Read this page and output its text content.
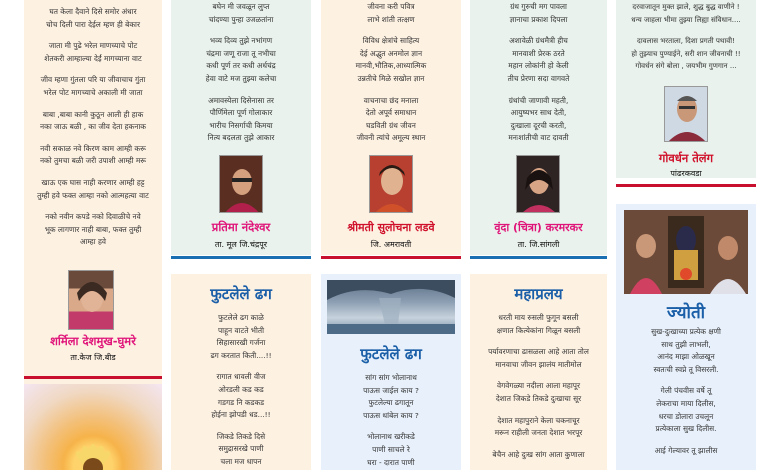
घत केला दैवाने दिसे समोर अंधार

चोच दिली पारा देईल म्हण ही बेकार

जाता मी पुढे भरेल माणच्याचे पोट

शेतकरी आम्हाल्या देईं मागच्याना वाट

जीव म्हणा गुंतला परि या जीवाचाच गुंता

भरेल पोट मागच्याचे अकाली मी जाता

बाबा ,बाबा कानी कुठून आली ही हाक

नका जाऊ बळी , का जीव देता हकनाक

नवी सकाळ नवे किरण काम आम्ही करू

नको तुमचा बळी जरी उपाशी आम्ही मरू

खाऊ एक घास नाही करणार आम्ही हट्ट

तुम्ही हवे फक्त आम्हा नको आत्महत्या वाट

नको नवीन कपडे नको दिवाळीचे नवे

भूक लागणार नाही बाबा, फक्त तुम्ही

आम्हा हवे

शर्मिला देशमुख-घुमरे
ता.केज जि.बीड

बघेन मी जवळून लुप्त

चांदण्या पुन्हा उजळतांना

भव्य दिव्य तुझे नभांगण

चंद्रमा जणू राजा तू नभीचा

कधी पूर्ण तर कधी अर्धचंद्र

हेवा वाटे मज तुझ्या कलेचा

अमावस्येला दिसेनासा तर

पौर्णिमेला पूर्ण गोलाकार

भारीच निसर्गाची किमया

नित्य बदलता तुझे आकार

प्रतिमा नंदेश्वर
ता. मूल जि.चंद्रपूर
फुटलेले ढग

फुटलेले ढग काळे

पाहून वाटते भीती

सिहासारखी गर्जना

ढग करतात किती....!!

रागात धावली वीज

ओरडली कड कड

गडगड नि कडकड

होईना झोपडी धड...!!

जिकडे तिकडे दिसे

समुद्रासरखे पाणी

चला मज धापन

जीवना करी पवित्र

लाभे शांती तत्क्षण

विविध क्षेत्रांचे साहित्य

देई अद्भुत अनमोल ज्ञान

मानवी,भौतिक,आध्यात्मिक

उन्नतीचे मिळे सखोल ज्ञान

वाचनाचा छंद मनाला

देतो अपूर्व समाधान

घडविती ग्रंथ जीवन

जीवनी त्यांचे अमूल्य स्थान

श्रीमती सुलोचना लडवे
जि. अमरावती
फुटलेले ढग

सांग सांग भोलानाथ

पाऊस जाईल काय ?

फुटलेल्या ढगातून

पाऊस थांबेल काय ?

भोलानाथ खरीकडे

पाणी साचले रे

घरा - दारात पाणी

ग्रंथ गुरुची मग पावला

ज्ञानाचा प्रकाश दिपला

अशावेळी ग्रंथमैत्री हीच

मानवाशी प्रेरक ठरते

महान लोकांनी हो केली

तीच प्रेरणा सदा वागवते

ग्रंथांची जाणावी महती,

आयुष्यभर साथ देती,

दुःखाला दूरची करती,

मनःशांतीची वाट दावती

वृंदा (चित्रा) करमरकर
ता. जि.सांगली
महाप्रलय

धरती माय रुसली फुगून बसली

क्षणात कित्येकांना गिळून बसली

पर्यावरणाचा ढासळला आहे आता तोल

मानवाचा जीवन झालंय मातीमोल

वेगवेगळ्या नदीला आला महापूर

देशात जिकडे तिकडे दुःखाचा सूर

देशात महापुराने केला चकनाचूर

मरून राहीली जनता देशात भरपूर

बेचैन आहे दुःख सांग आता कुणाला

दरवाजातून मुक्त झाले, शुद्ध बुद्ध वाणीने !

धन्य जाहला भीमा तुझ्या लिह्या संविधान....

दावलास भरताला, दिशा प्रगती पथावी!

हो तुझ्याच पुण्याईने, सरी शान जीवनाची !!

गोवर्धन संगे बोला , जयभीम गुणगान ...

गोवर्धन तेलंग
पांढरकवडा
ज्योती

सुख-दुःखाच्या प्रत्येक क्षणी

साथ तुझी लाभली,

आनंद माझा ओळखून

स्वतःची स्वप्ने तू विसरली.

गेली पंचवीस वर्षे तू

लेकराचा माया दिलीस,

धरचा डोलारा उचलून

प्रत्येकाला सुख दिलीस.

आई गेल्यावर तू झालीस
